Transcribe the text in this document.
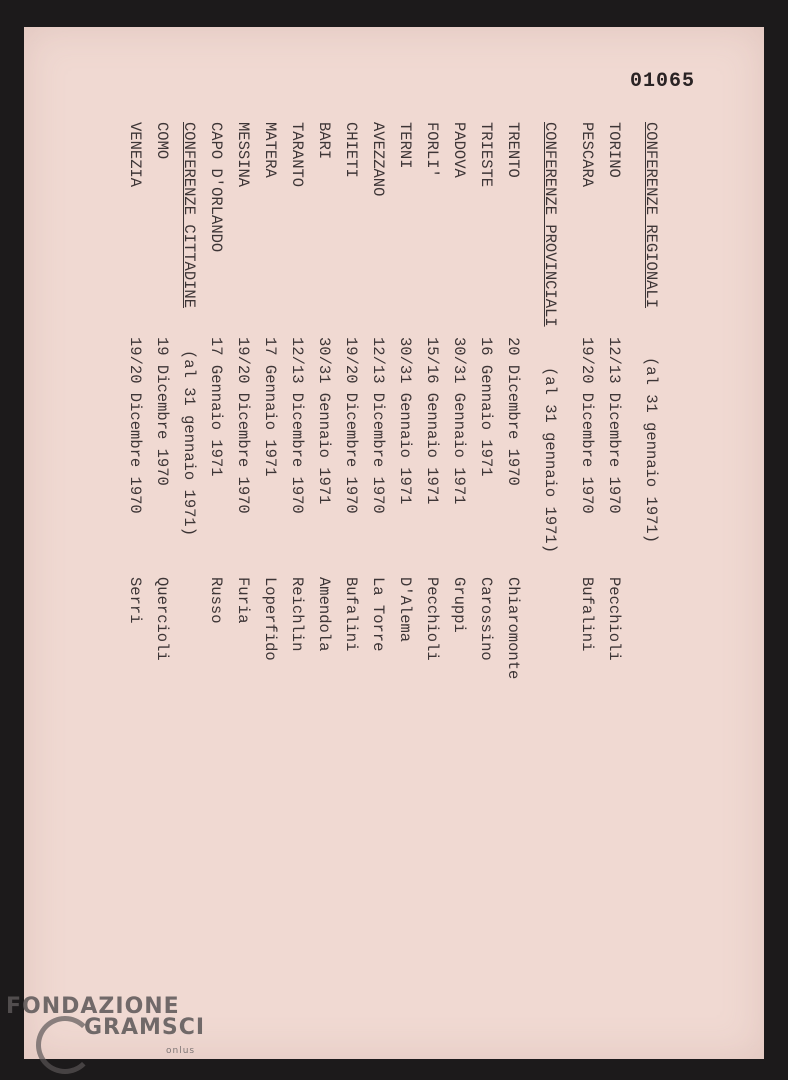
01065
CONFERENZE REGIONALI
(al 31 gennaio 1971)
TORINO
12/13 Dicembre 1970
Pecchioli
PESCARA
19/20 Dicembre 1970
Bufalini
CONFERENZE PROVINCIALI
(al 31 gennaio 1971)
TRENTO
20 Dicembre 1970
Chiaromonte
TRIESTE
16 Gennaio 1971
Carossino
PADOVA
30/31 Gennaio 1971
Gruppi
FORLI'
15/16 Gennaio 1971
Pecchioli
TERNI
30/31 Gennaio 1971
D'Alema
AVEZZANO
12/13 Dicembre 1970
La Torre
CHIETI
19/20 Dicembre 1970
Bufalini
BARI
30/31 Gennaio 1971
Amendola
TARANTO
12/13 Dicembre 1970
Reichlin
MATERA
17 Gennaio 1971
Loperfido
MESSINA
19/20 Dicembre 1970
Furia
CAPO D'ORLANDO
17 Gennaio 1971
Russo
CONFERENZE CITTADINE
(al 31 gennaio 1971)
COMO
19 Dicembre 1970
Quercioli
VENEZIA
19/20 Dicembre 1970
Serri
FONDAZIONE
GRAMSCI
onlus
